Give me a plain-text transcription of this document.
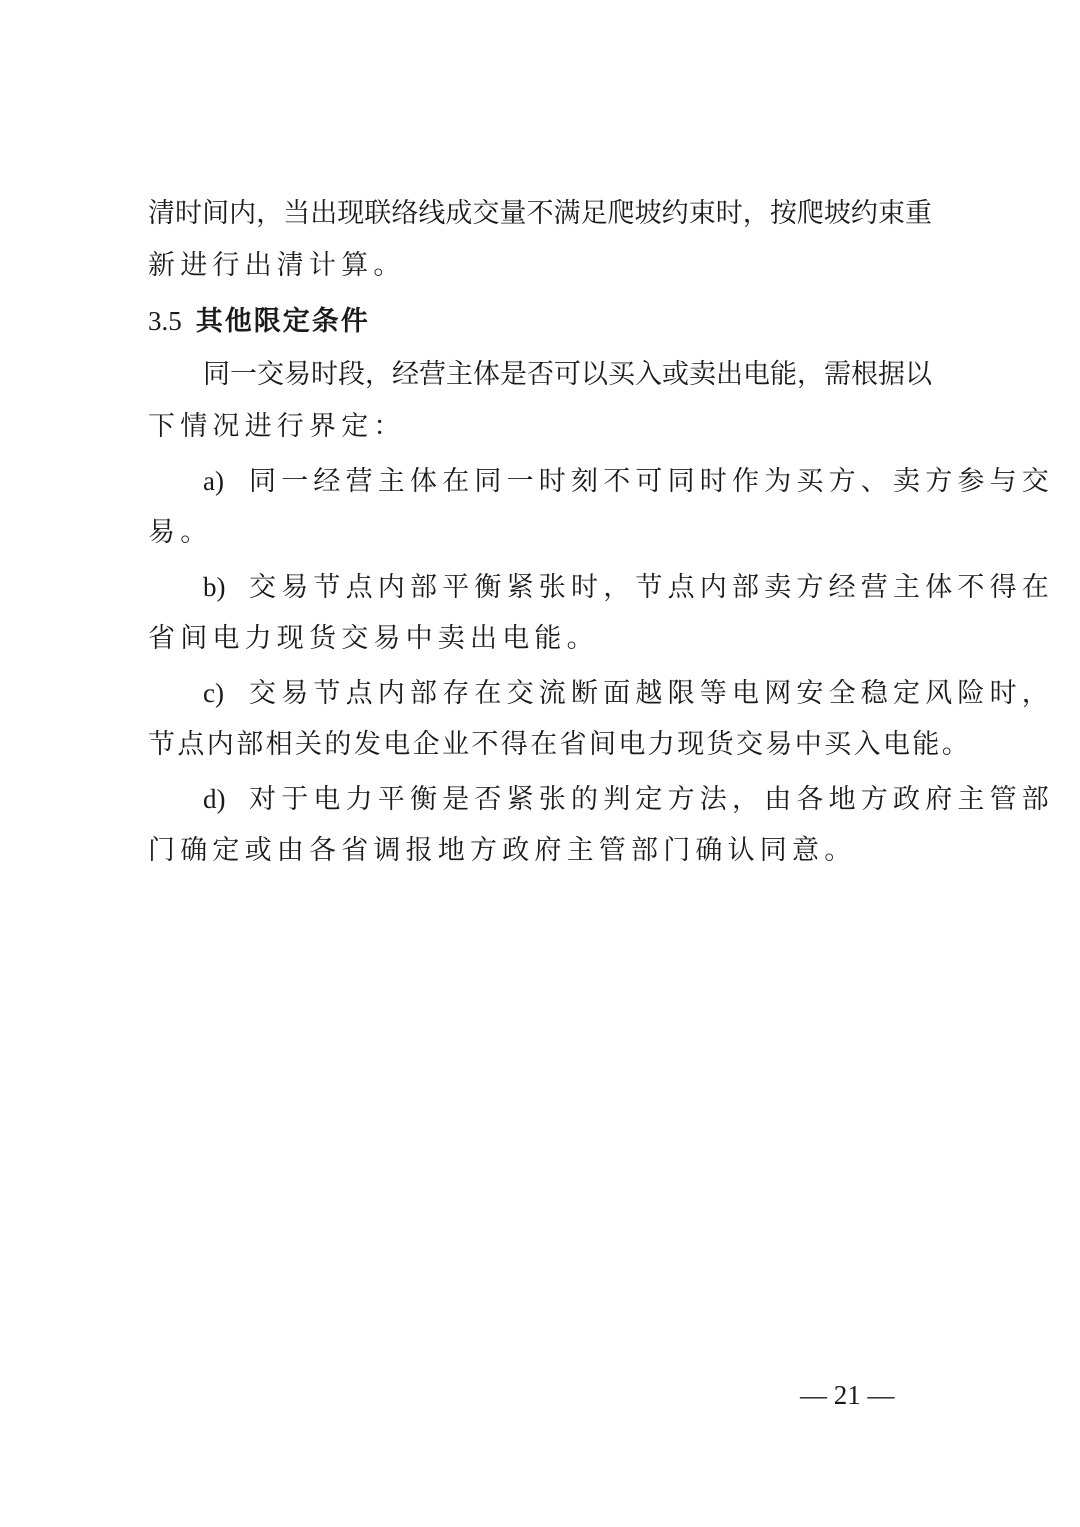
清时间内，当出现联络线成交量不满足爬坡约束时，按爬坡约束重
新进行出清计算。
3.5 其他限定条件
同一交易时段，经营主体是否可以买入或卖出电能，需根据以
下情况进行界定：
a) 同一经营主体在同一时刻不可同时作为买方、卖方参与交
易。
b) 交易节点内部平衡紧张时，节点内部卖方经营主体不得在
省间电力现货交易中卖出电能。
c) 交易节点内部存在交流断面越限等电网安全稳定风险时，
节点内部相关的发电企业不得在省间电力现货交易中买入电能。
d) 对于电力平衡是否紧张的判定方法，由各地方政府主管部
门确定或由各省调报地方政府主管部门确认同意。
— 21 —
